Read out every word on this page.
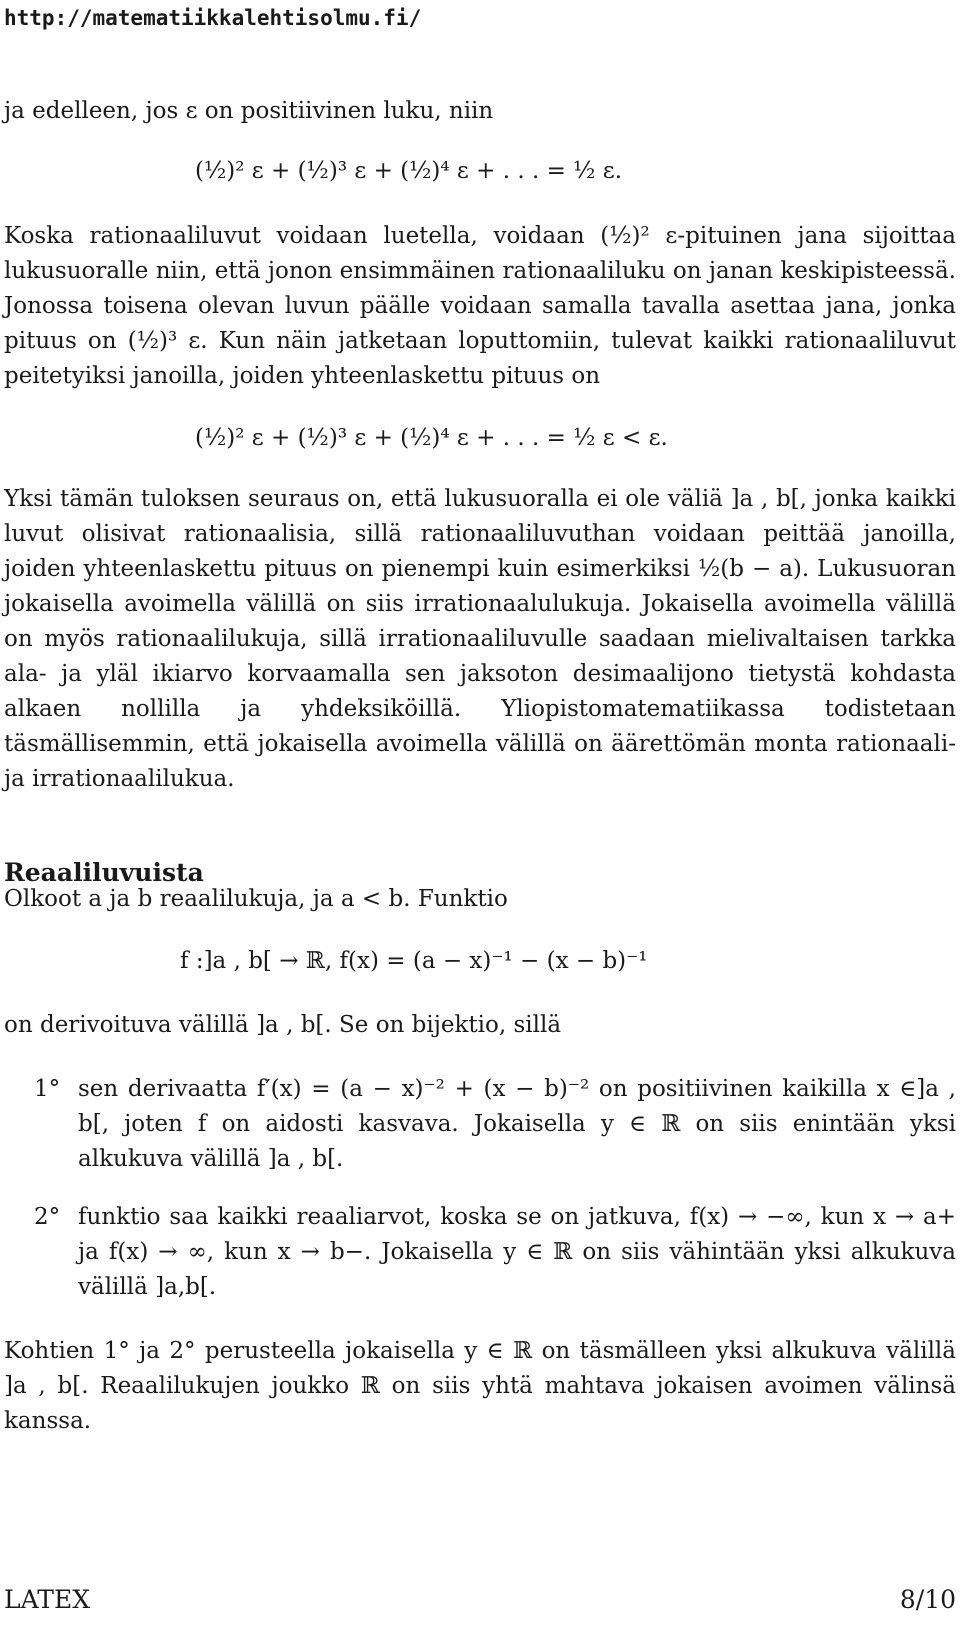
http://matematiikkalehtisolmu.fi/

ja edelleen, jos ε on positiivinen luku, niin

(½)² ε + (½)³ ε + (½)⁴ ε + . . . = ½ ε.

Koska rationaaliluvut voidaan luetella, voidaan (½)² ε-pituinen jana sijoittaa lukusuoralle niin, että jonon ensimmäinen rationaaliluku on janan keskipisteessä. Jonossa toisena olevan luvun päälle voidaan samalla tavalla asettaa jana, jonka pituus on (½)³ ε. Kun näin jatketaan loputtomiin, tulevat kaikki rationaaliluvut peitetyiksi janoilla, joiden yhteenlaskettu pituus on

(½)² ε + (½)³ ε + (½)⁴ ε + . . . = ½ ε < ε.

Yksi tämän tuloksen seuraus on, että lukusuoralla ei ole väliä ]a , b[, jonka kaikki luvut olisivat rationaalisia, sillä rationaaliluvuthan voidaan peittää janoilla, joiden yhteenlaskettu pituus on pienempi kuin esimerkiksi ½(b − a). Lukusuoran jokaisella avoimella välillä on siis irrationaalulukuja. Jokaisella avoimella välillä on myös rationaalilukuja, sillä irrationaaliluvulle saadaan mielivaltaisen tarkka ala- ja yläl ikiarvo korvaamalla sen jaksoton desimaalijono tietystä kohdasta alkaen nollilla ja yhdeksiköillä. Yliopistomatematiikassa todistetaan täsmällisemmin, että jokaisella avoimella välillä on äärettömän monta rationaali- ja irrationaalilukua.

Reaaliluvuista

Olkoot a ja b reaalilukuja, ja a < b. Funktio

f :]a , b[ → ℝ, f(x) = (a − x)⁻¹ − (x − b)⁻¹

on derivoituva välillä ]a , b[. Se on bijektio, sillä

1° sen derivaatta f′(x) = (a − x)⁻² + (x − b)⁻² on positiivinen kaikilla x ∈]a , b[, joten f on aidosti kasvava. Jokaisella y ∈ ℝ on siis enintään yksi alkukuva välillä ]a , b[.
2° funktio saa kaikki reaaliarvot, koska se on jatkuva, f(x) → −∞, kun x → a+ ja f(x) → ∞, kun x → b−. Jokaisella y ∈ ℝ on siis vähintään yksi alkukuva välillä ]a,b[.

Kohtien 1° ja 2° perusteella jokaisella y ∈ ℝ on täsmälleen yksi alkukuva välillä ]a , b[. Reaalilukujen joukko ℝ on siis yhtä mahtava jokaisen avoimen välinsä kanssa.

LATEX	8/10
